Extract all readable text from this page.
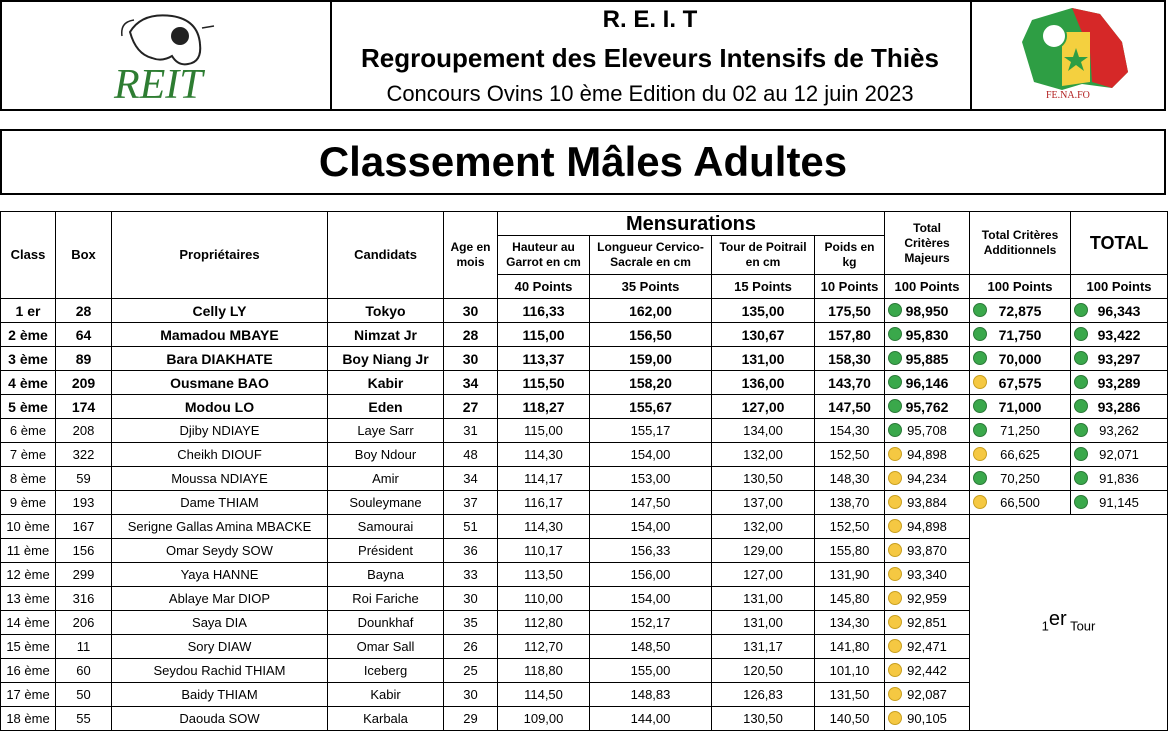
REIT
R. E. I. T
Regroupement des Eleveurs Intensifs de Thiès
Concours Ovins 10 ème Edition du 02 au 12 juin 2023	FE.NA.FO
Classement Mâles Adultes
Class	Box	Propriétaires	Candidats	Age en mois	Mensurations				Total Critères Majeurs	Total Critères Additionnels	TOTAL
					Hauteur au Garrot en cm	Longueur Cervico-Sacrale en cm	Tour de Poitrail en cm	Poids en kg			
					40 Points	35 Points	15 Points	10 Points	100 Points	100 Points	100 Points
1 er	28	Celly LY	Tokyo	30	116,33	162,00	135,00	175,50	98,950	72,875	96,343
2 ème	64	Mamadou MBAYE	Nimzat Jr	28	115,00	156,50	130,67	157,80	95,830	71,750	93,422
3 ème	89	Bara DIAKHATE	Boy Niang Jr	30	113,37	159,00	131,00	158,30	95,885	70,000	93,297
4 ème	209	Ousmane BAO	Kabir	34	115,50	158,20	136,00	143,70	96,146	67,575	93,289
5 ème	174	Modou LO	Eden	27	118,27	155,67	127,00	147,50	95,762	71,000	93,286
6 ème	208	Djiby NDIAYE	Laye Sarr	31	115,00	155,17	134,00	154,30	95,708	71,250	93,262
7 ème	322	Cheikh DIOUF	Boy Ndour	48	114,30	154,00	132,00	152,50	94,898	66,625	92,071
8 ème	59	Moussa NDIAYE	Amir	34	114,17	153,00	130,50	148,30	94,234	70,250	91,836
9 ème	193	Dame THIAM	Souleymane	37	116,17	147,50	137,00	138,70	93,884	66,500	91,145
10 ème	167	Serigne Gallas Amina MBACKE	Samourai	51	114,30	154,00	132,00	152,50	94,898	1er Tour	
11 ème	156	Omar Seydy SOW	Président	36	110,17	156,33	129,00	155,80	93,870		
12 ème	299	Yaya HANNE	Bayna	33	113,50	156,00	127,00	131,90	93,340		
13 ème	316	Ablaye Mar DIOP	Roi Fariche	30	110,00	154,00	131,00	145,80	92,959		
14 ème	206	Saya DIA	Dounkhaf	35	112,80	152,17	131,00	134,30	92,851		
15 ème	11	Sory DIAW	Omar Sall	26	112,70	148,50	131,17	141,80	92,471		
16 ème	60	Seydou Rachid THIAM	Iceberg	25	118,80	155,00	120,50	101,10	92,442		
17 ème	50	Baidy THIAM	Kabir	30	114,50	148,83	126,83	131,50	92,087		
18 ème	55	Daouda SOW	Karbala	29	109,00	144,00	130,50	140,50	90,105		
